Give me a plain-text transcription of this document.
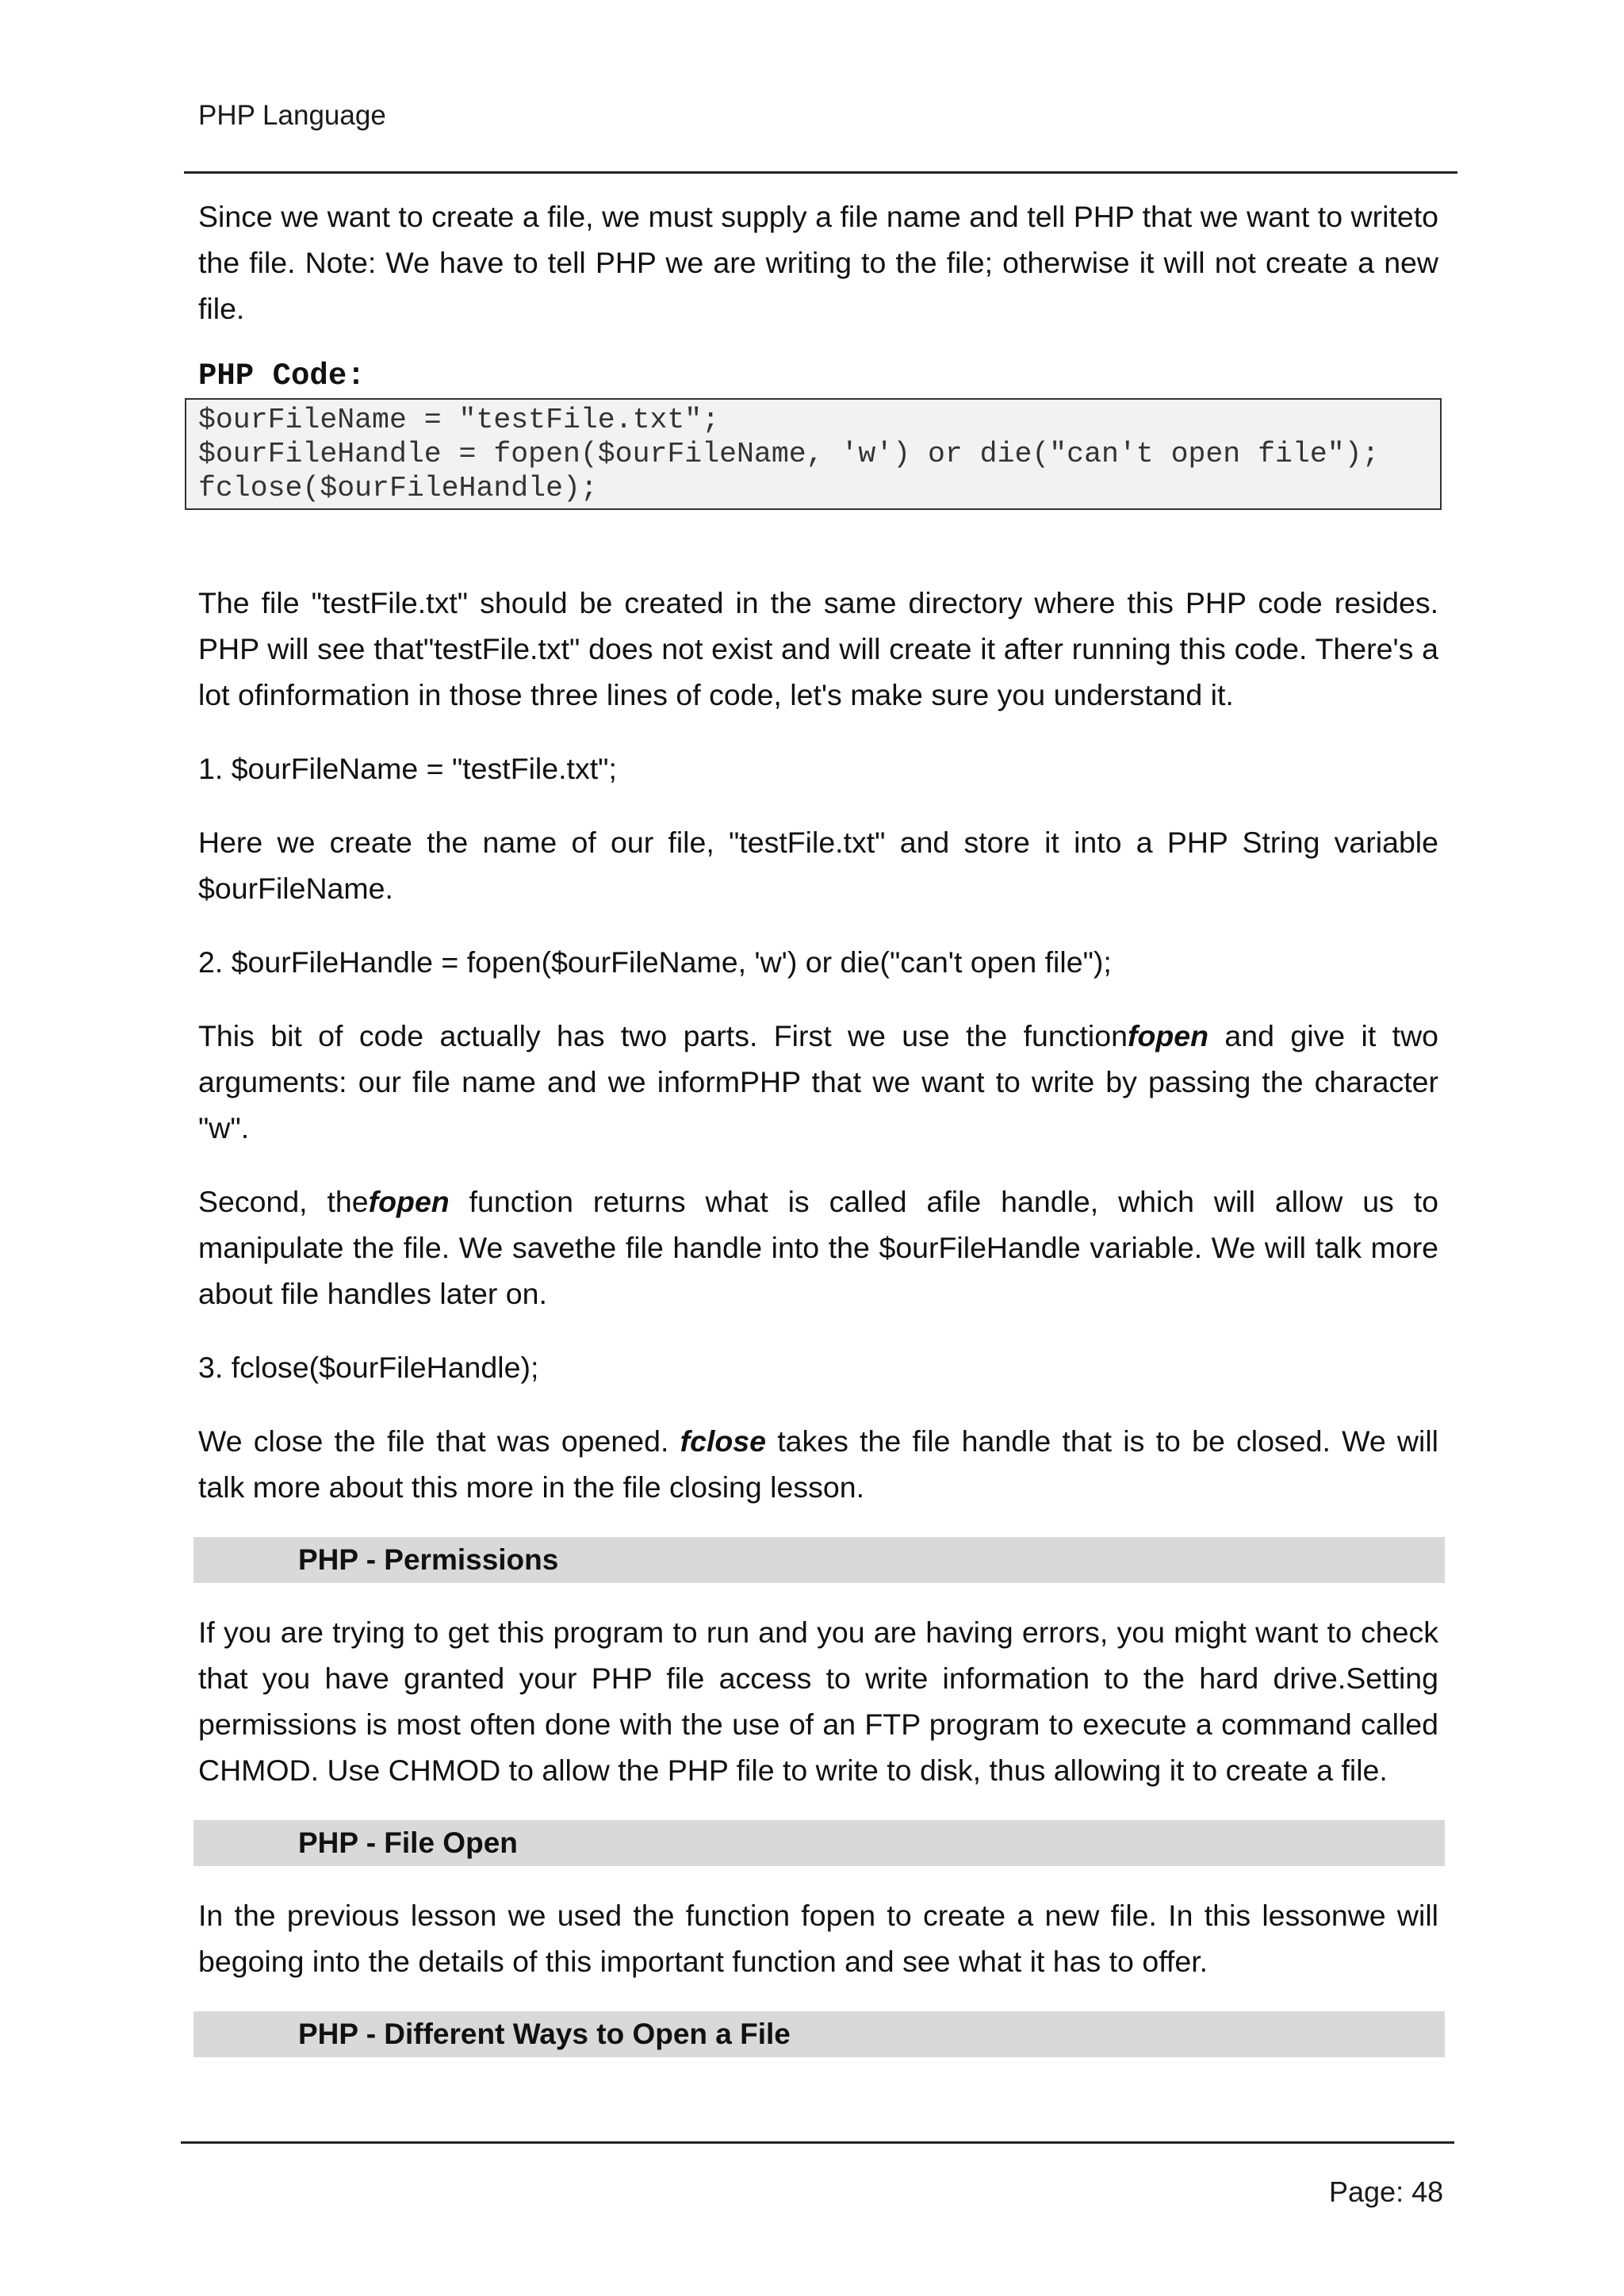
PHP Language

Since we want to create a file, we must supply a file name and tell PHP that we want to writeto the file. Note: We have to tell PHP we are writing to the file; otherwise it will not create a new file.

PHP Code:
$ourFileName = "testFile.txt";
$ourFileHandle = fopen($ourFileName, 'w') or die("can't open file");
fclose($ourFileHandle);

The file "testFile.txt" should be created in the same directory where this PHP code resides. PHP will see that"testFile.txt" does not exist and will create it after running this code. There's a lot ofinformation in those three lines of code, let's make sure you understand it.

1. $ourFileName = "testFile.txt";

Here we create the name of our file, "testFile.txt" and store it into a PHP String variable $ourFileName.

2. $ourFileHandle = fopen($ourFileName, 'w') or die("can't open file");

This bit of code actually has two parts. First we use the functionfopen and give it two arguments: our file name and we informPHP that we want to write by passing the character "w".

Second, thefopen function returns what is called afile handle, which will allow us to manipulate the file. We savethe file handle into the $ourFileHandle variable. We will talk more about file handles later on.

3. fclose($ourFileHandle);

We close the file that was opened. fclose takes the file handle that is to be closed. We will talk more about this more in the file closing lesson.

PHP - Permissions

If you are trying to get this program to run and you are having errors, you might want to check that you have granted your PHP file access to write information to the hard drive.Setting permissions is most often done with the use of an FTP program to execute a command called CHMOD. Use CHMOD to allow the PHP file to write to disk, thus allowing it to create a file.

PHP - File Open

In the previous lesson we used the function fopen to create a new file. In this lessonwe will begoing into the details of this important function and see what it has to offer.

PHP - Different Ways to Open a File
Page: 48
